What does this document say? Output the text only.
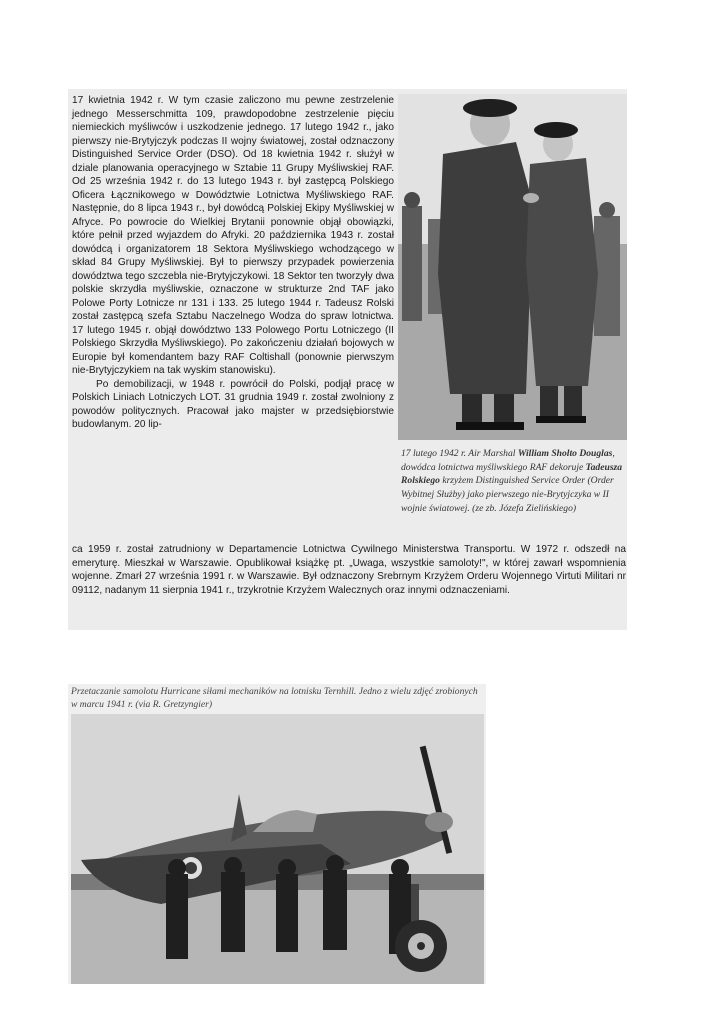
17 kwietnia 1942 r. W tym czasie zaliczono mu pewne zestrzelenie jednego Messerschmitta 109, prawdopodobne zestrzelenie pięciu niemieckich myśliwców i uszkodzenie jednego. 17 lutego 1942 r., jako pierwszy nie-Brytyjczyk podczas II wojny światowej, został odznaczony Distinguished Service Order (DSO). Od 18 kwietnia 1942 r. służył w dziale planowania operacyjnego w Sztabie 11 Grupy Myśliwskiej RAF. Od 25 września 1942 r. do 13 lutego 1943 r. był zastępcą Polskiego Oficera Łącznikowego w Dowództwie Lotnictwa Myśliwskiego RAF. Następnie, do 8 lipca 1943 r., był dowódcą Polskiej Ekipy Myśliwskiej w Afryce. Po powrocie do Wielkiej Brytanii ponownie objął obowiązki, które pełnił przed wyjazdem do Afryki. 20 października 1943 r. został dowódcą i organizatorem 18 Sektora Myśliwskiego wchodzącego w skład 84 Grupy Myśliwskiej. Był to pierwszy przypadek powierzenia dowództwa tego szczebla nie-Brytyjczykowi. 18 Sektor ten tworzyły dwa polskie skrzydła myśliwskie, oznaczone w strukturze 2nd TAF jako Polowe Porty Lotnicze nr 131 i 133. 25 lutego 1944 r. Tadeusz Rolski został zastępcą szefa Sztabu Naczelnego Wodza do spraw lotnictwa. 17 lutego 1945 r. objął dowództwo 133 Polowego Portu Lotniczego (II Polskiego Skrzydła Myśliwskiego). Po zakończeniu działań bojowych w Europie był komendantem bazy RAF Coltishall (ponownie pierwszym nie-Brytyjczykiem na tak wyskim stanowisku).

Po demobilizacji, w 1948 r. powrócił do Polski, podjął pracę w Polskich Liniach Lotniczych LOT. 31 grudnia 1949 r. został zwolniony z powodów politycznych. Pracował jako majster w przedsiębiorstwie budowlanym. 20 lip-

ca 1959 r. został zatrudniony w Departamencie Lotnictwa Cywilnego Ministerstwa Transportu. W 1972 r. odszedł na emeryturę. Mieszkał w Warszawie. Opublikował książkę pt. „Uwaga, wszystkie samoloty!", w której zawarł wspomnienia wojenne. Zmarł 27 września 1991 r. w Warszawie. Był odznaczony Srebrnym Krzyżem Orderu Wojennego Virtuti Militari nr 09112, nadanym 11 sierpnia 1941 r., trzykrotnie Krzyżem Walecznych oraz innymi odznaczeniami.
17 lutego 1942 r. Air Marshal William Sholto Douglas, dowódca lotnictwa myśliwskiego RAF dekoruje Tadeusza Rolskiego krzyżem Distinguished Service Order (Order Wybitnej Służby) jako pierwszego nie-Brytyjczyka w II wojnie światowej. (ze zb. Józefa Zielińskiego)
Przetaczanie samolotu Hurricane siłami mechaników na lotnisku Ternhill. Jedno z wielu zdjęć zrobionych w marcu 1941 r. (via R. Gretzyngier)
